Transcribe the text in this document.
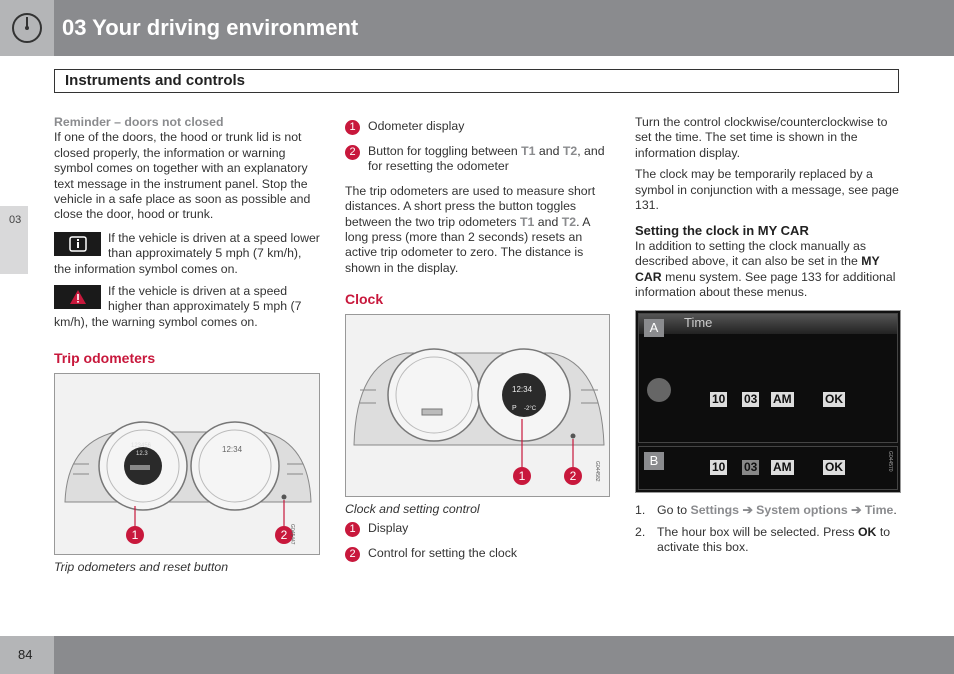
03 Your driving environment
Instruments and controls
03
Reminder – doors not closed
If one of the doors, the hood or trunk lid is not closed properly, the information or warning symbol comes on together with an explanatory text message in the instrument panel. Stop the vehicle in a safe place as soon as possible and close the door, hood or trunk.
If the vehicle is driven at a speed lower than approximately 5 mph (7 km/h), the information symbol comes on.
If the vehicle is driven at a speed higher than approximately 5 mph (7 km/h), the warning symbol comes on.
Trip odometers
123456
12.3	12:34
1	2 G045447
Trip odometers and reset button
1	Odometer display
2	Button for toggling between T1 and T2, and for resetting the odometer

The trip odometers are used to measure short distances. A short press the button toggles between the two trip odometers T1 and T2. A long press (more than 2 seconds) resets an active trip odometer to zero. The distance is shown in the display.

Clock
12:34
P -2°C
1	2	G044582
Clock and setting control
1	Display
2	Control for setting the clock

Turn the control clockwise/counterclockwise to set the time. The set time is shown in the information display.

The clock may be temporarily replaced by a symbol in conjunction with a message, see page 131.

Setting the clock in MY CAR

In addition to setting the clock manually as described above, it can also be set in the MY CAR menu system. See page 133 for additional information about these menus.

Time
A
10 03 AM	OK
B	10 03 AM	OK	G044570
1. Go to Settings ➔ System options ➔ Time.
2. The hour box will be selected. Press OK to activate this box.
84
